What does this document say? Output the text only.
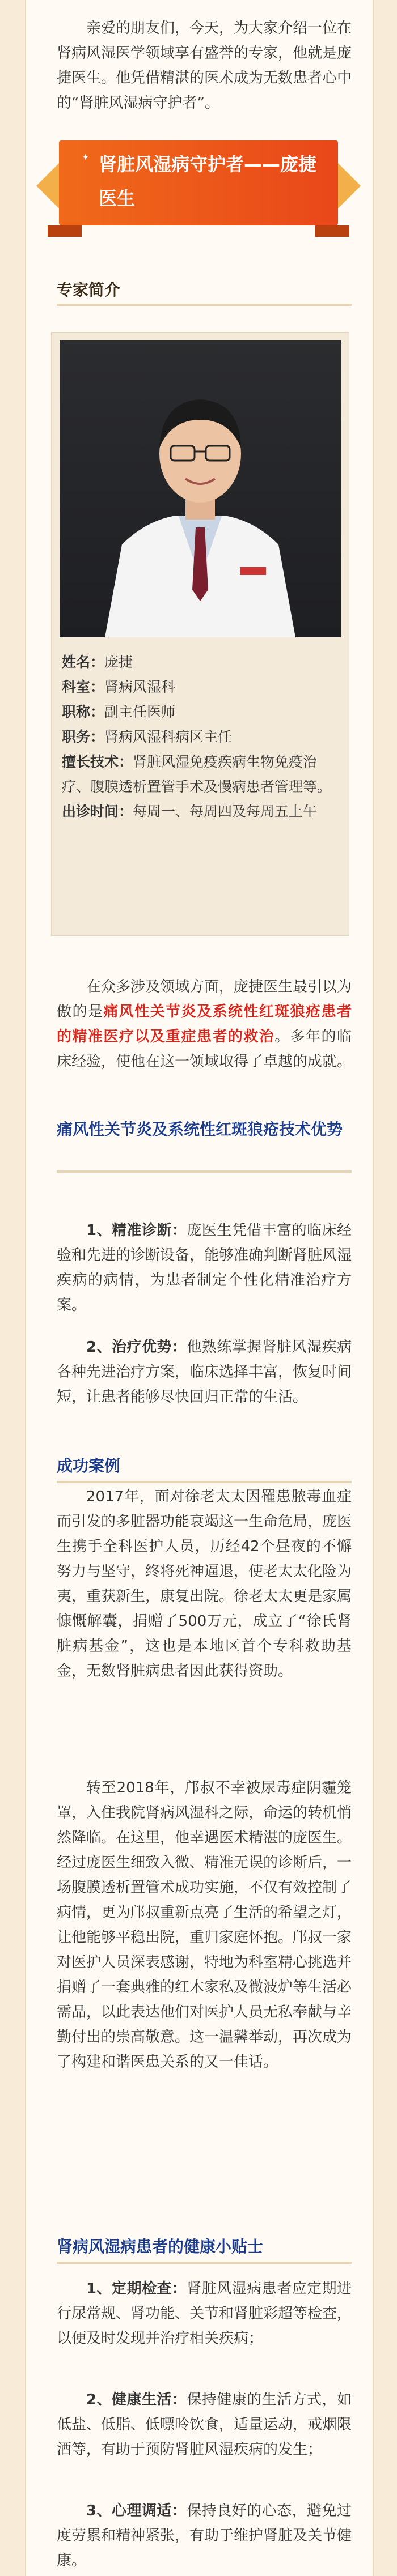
亲爱的朋友们，今天，为大家介绍一位在肾病风湿医学领域享有盛誉的专家，他就是庞捷医生。他凭借精湛的医术成为无数患者心中的“肾脏风湿病守护者”。

✦ 肾脏风湿病守护者——庞捷医生
专家简介

姓名：庞捷

科室：肾病风湿科

职称：副主任医师

职务：肾病风湿科病区主任

擅长技术：肾脏风湿免疫疾病生物免疫治疗、腹膜透析置管手术及慢病患者管理等。

出诊时间：每周一、每周四及每周五上午

在众多涉及领域方面，庞捷医生最引以为傲的是痛风性关节炎及系统性红斑狼疮患者的精准医疗以及重症患者的救治。多年的临床经验，使他在这一领域取得了卓越的成就。

痛风性关节炎及系统性红斑狼疮技术优势

1、精准诊断：庞医生凭借丰富的临床经验和先进的诊断设备，能够准确判断肾脏风湿疾病的病情，为患者制定个性化精准治疗方案。

2、治疗优势：他熟练掌握肾脏风湿疾病各种先进治疗方案，临床选择丰富，恢复时间短，让患者能够尽快回归正常的生活。

成功案例

2017年，面对徐老太太因罹患脓毒血症而引发的多脏器功能衰竭这一生命危局，庞医生携手全科医护人员，历经42个昼夜的不懈努力与坚守，终将死神逼退，使老太太化险为夷，重获新生，康复出院。徐老太太更是家属慷慨解囊，捐赠了500万元，成立了“徐氏肾脏病基金”，这也是本地区首个专科救助基金，无数肾脏病患者因此获得资助。

转至2018年，邝叔不幸被尿毒症阴霾笼罩，入住我院肾病风湿科之际，命运的转机悄然降临。在这里，他幸遇医术精湛的庞医生。经过庞医生细致入微、精准无误的诊断后，一场腹膜透析置管术成功实施，不仅有效控制了病情，更为邝叔重新点亮了生活的希望之灯，让他能够平稳出院，重归家庭怀抱。邝叔一家对医护人员深表感谢，特地为科室精心挑选并捐赠了一套典雅的红木家私及微波炉等生活必需品，以此表达他们对医护人员无私奉献与辛勤付出的崇高敬意。这一温馨举动，再次成为了构建和谐医患关系的又一佳话。

肾病风湿病患者的健康小贴士

1、定期检查：肾脏风湿病患者应定期进行尿常规、肾功能、关节和肾脏彩超等检查，以便及时发现并治疗相关疾病；

2、健康生活：保持健康的生活方式，如低盐、低脂、低嘌呤饮食，适量运动，戒烟限酒等，有助于预防肾脏风湿疾病的发生；

3、心理调适：保持良好的心态，避免过度劳累和精神紧张，有助于维护肾脏及关节健康。
